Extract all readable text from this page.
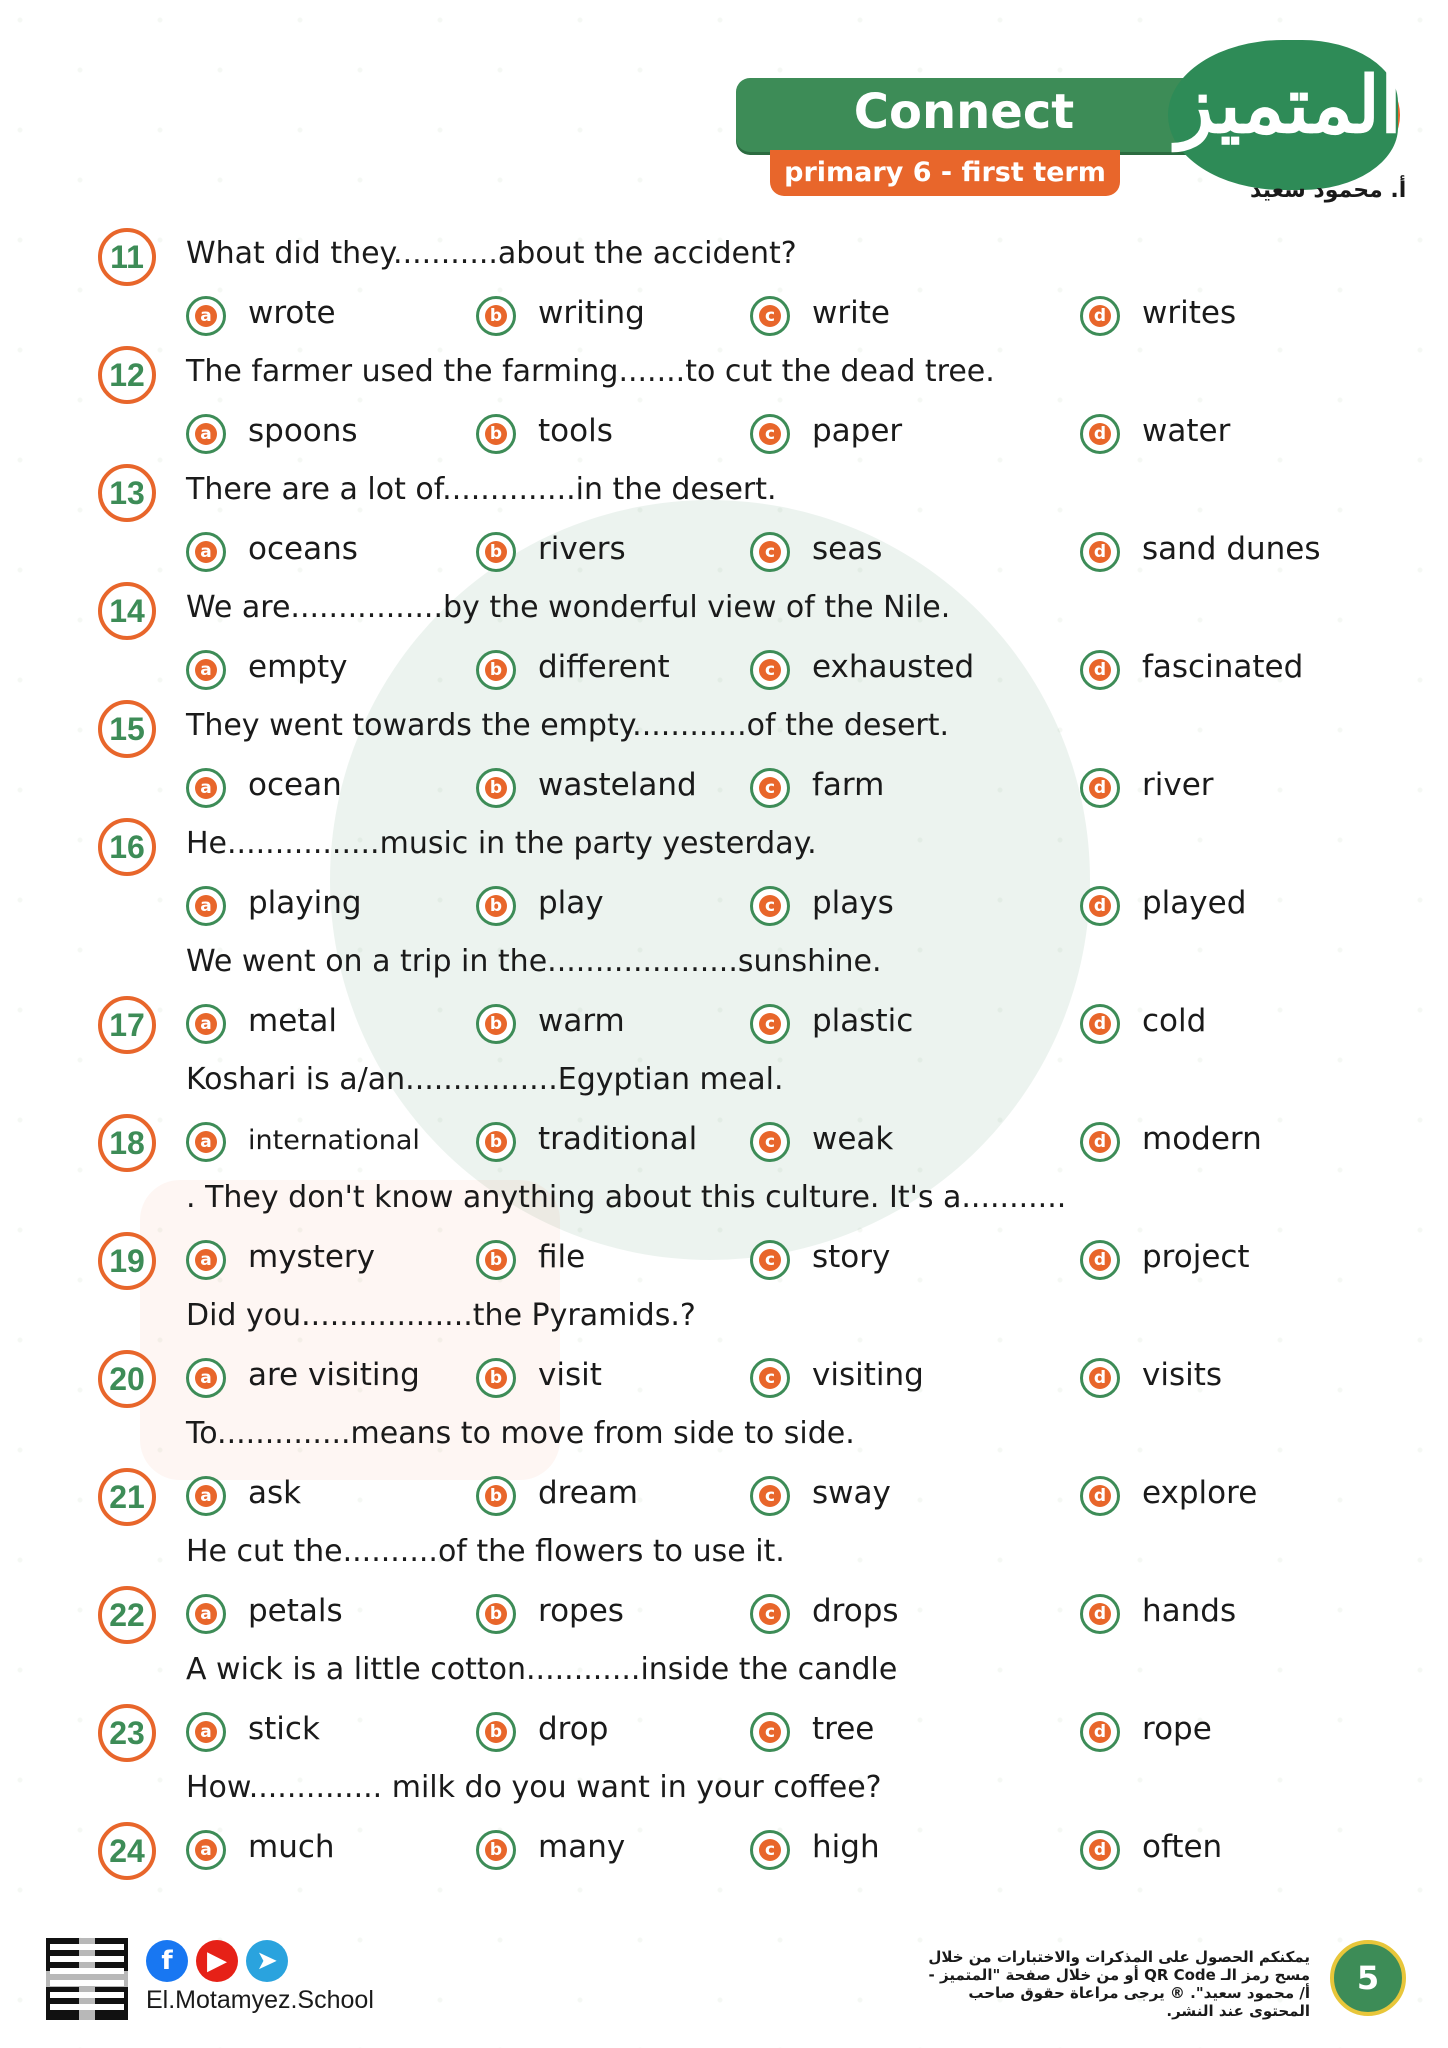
Connect
primary 6 - first term
المتميز
أ. محمود سعيد
11	What did they...........about the accident?
a wrote	b writing	c write	d writes
12	The farmer used the farming.......to cut the dead tree.
a spoons	b tools	c paper	d water
13	There are a lot of..............in the desert.
a oceans	b rivers	c seas	d sand dunes
14	We are................by the wonderful view of the Nile.
a empty	b different	c exhausted	d fascinated
15	They went towards the empty............of the desert.
a ocean	b wasteland	c farm	d river
16	He................music in the party yesterday.
a playing	b play	c plays	d played
17
We went on a trip in the....................sunshine.
a metal	b warm	c plastic	d cold
18
Koshari is a/an................Egyptian meal.
a international	b traditional	c weak	d modern
19
. They don't know anything about this culture. It's a...........
a mystery	b file	c story	d project
20
Did you..................the Pyramids.?
a are visiting	b visit	c visiting	d visits
21
To..............means to move from side to side.
a ask	b dream	c sway	d explore
22
He cut the..........of the flowers to use it.
a petals	b ropes	c drops	d hands
23
A wick is a little cotton............inside the candle
a stick	b drop	c tree	d rope
24
How.............. milk do you want in your coffee?
a much	b many	c high	d often
f	▶	➤
El.Motamyez.School
يمكنكم الحصول على المذكرات والاختبارات من خلال مسح رمز الـ QR Code أو من خلال صفحة "المتميز - أ/ محمود سعيد". ® يرجى مراعاة حقوق صاحب المحتوى عند النشر.
5
